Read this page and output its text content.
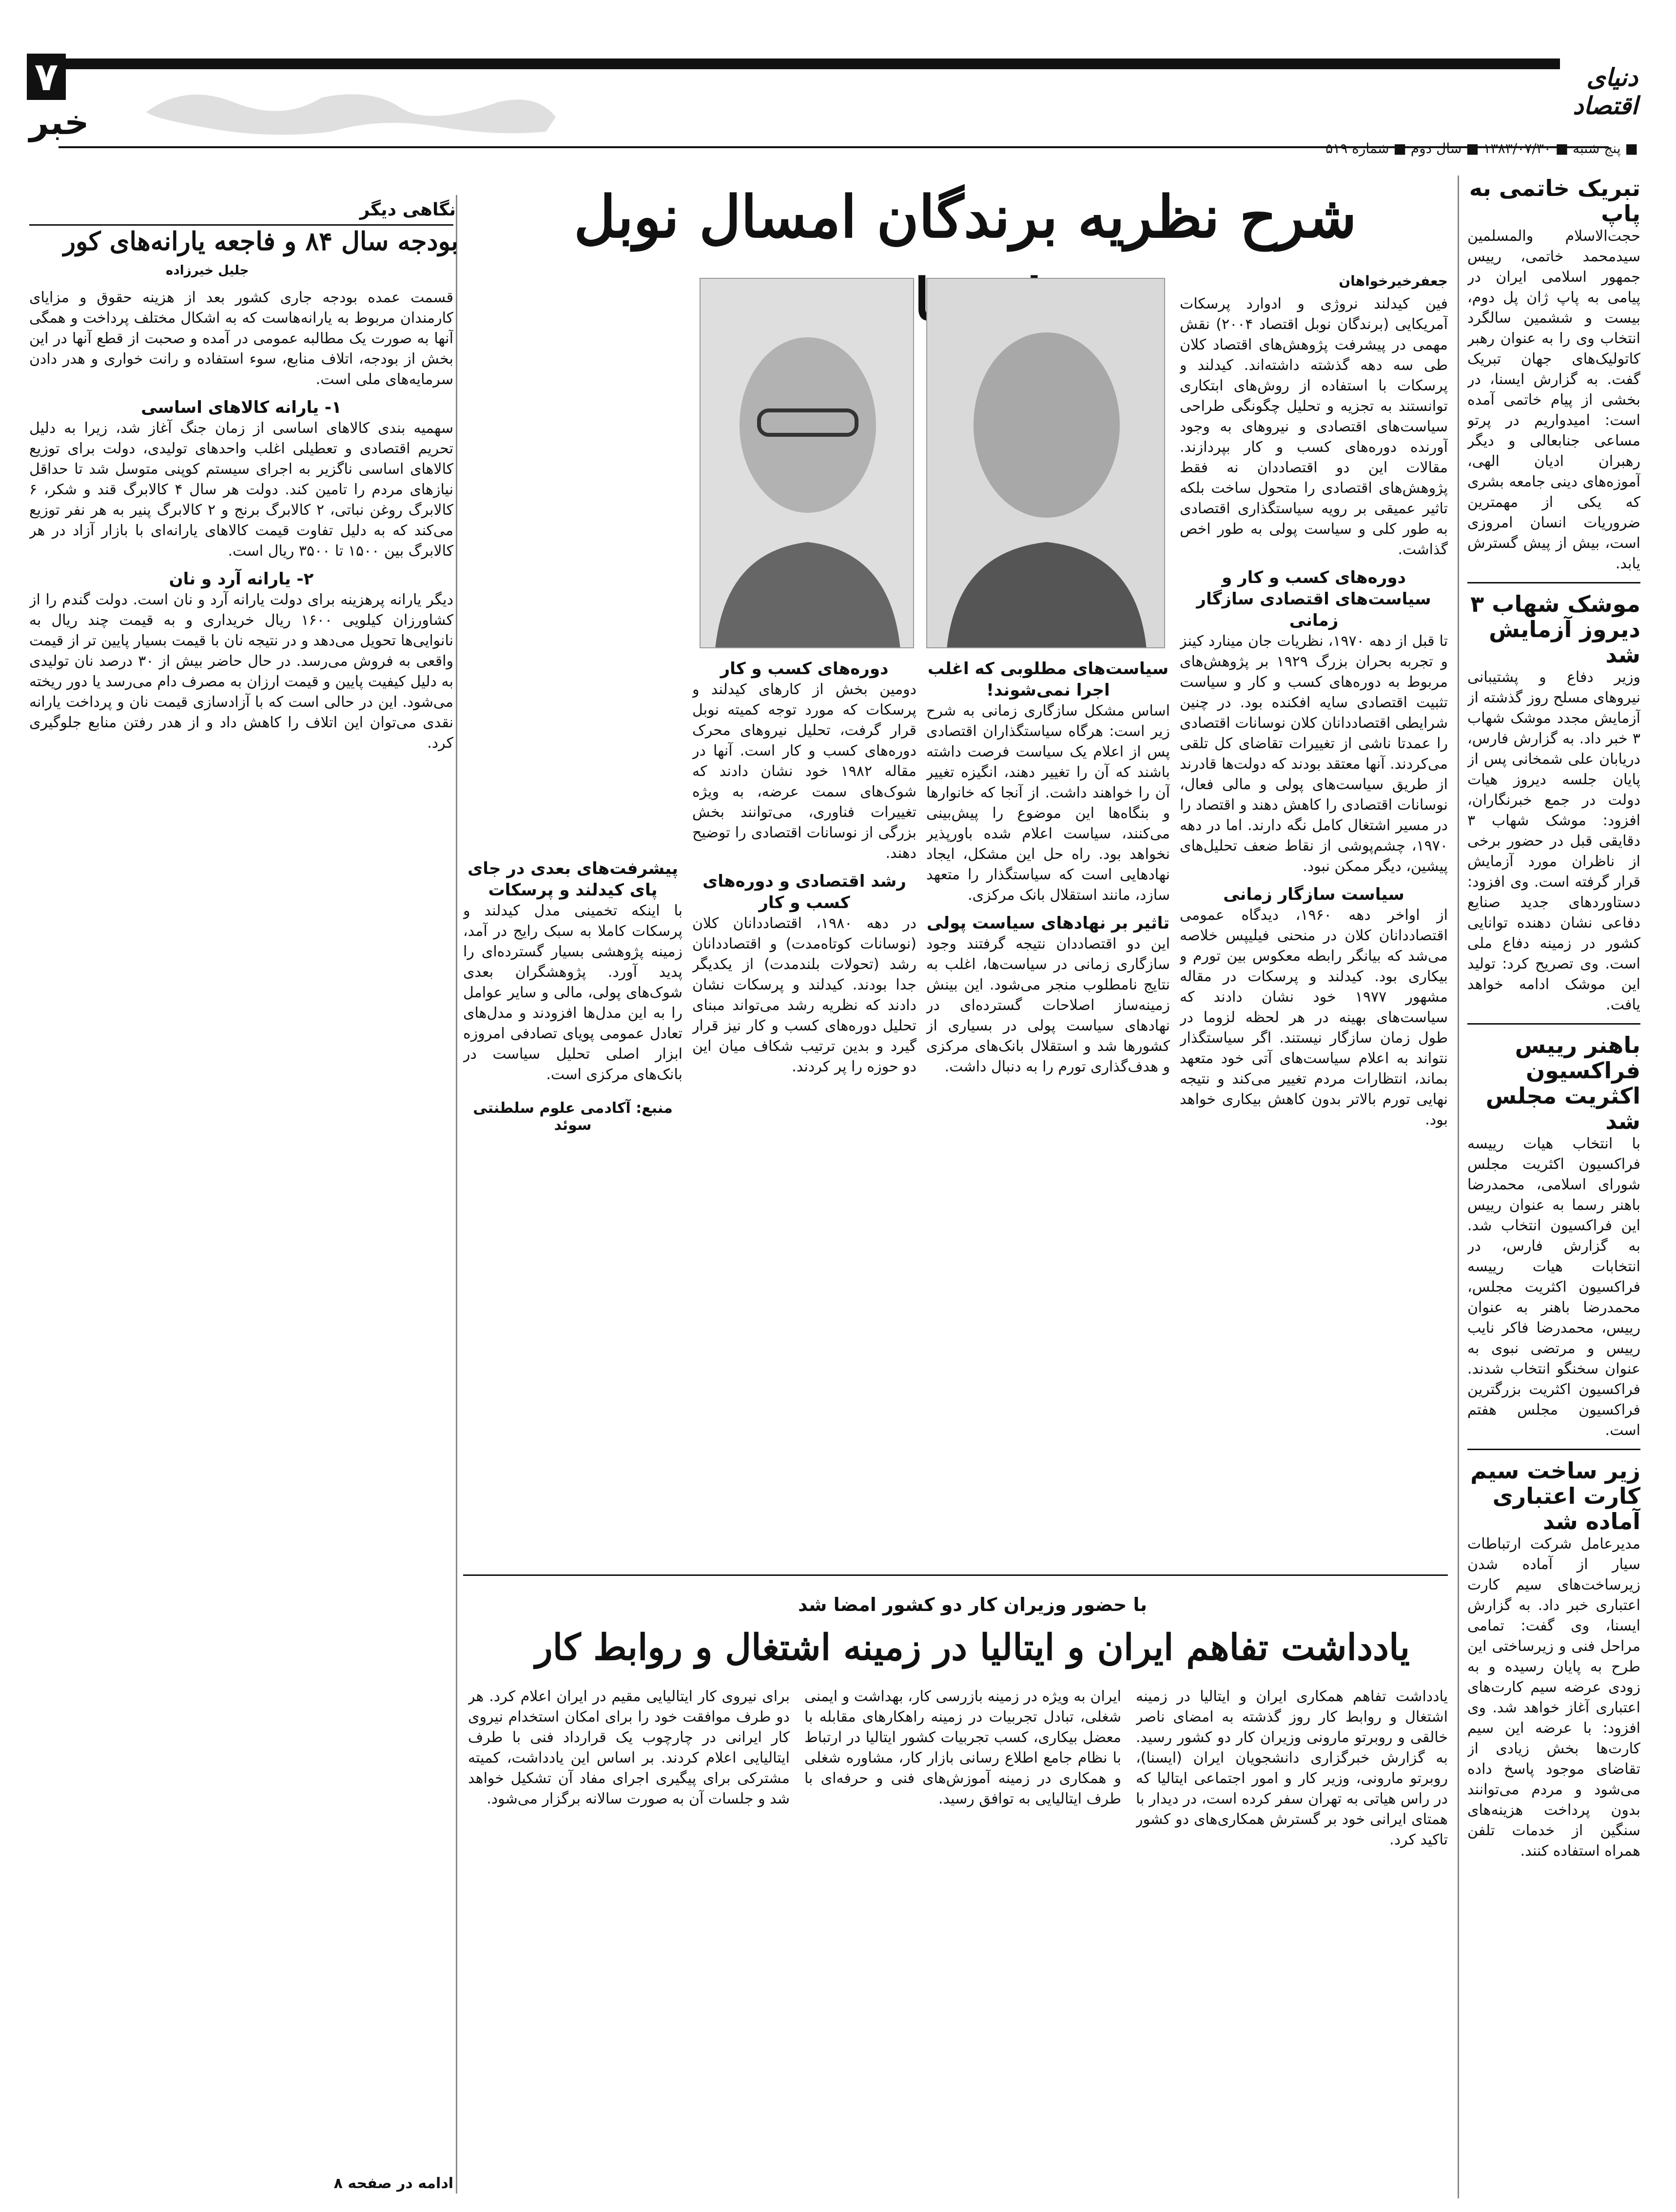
۷
خبر
دنیای اقتصاد
■ پنج شنبه ■ ۱۳۸۳/۰۷/۳۰ ■ سال دوم ■ شماره ۵۱۹
تبریک خاتمی به پاپ
حجت‌الاسلام والمسلمین سیدمحمد خاتمی، رییس جمهور اسلامی ایران در پیامی به پاپ ژان پل دوم، بیست و ششمین سالگرد انتخاب وی را به عنوان رهبر کاتولیک‌های جهان تبریک گفت. به گزارش ایسنا، در بخشی از پیام خاتمی آمده است: امیدواریم در پرتو مساعی جنابعالی و دیگر رهبران ادیان الهی، آموزه‌های دینی جامعه بشری که یکی از مهمترین ضروریات انسان امروزی است، بیش از پیش گسترش یابد.
موشک شهاب ۳ دیروز آزمایش شد
وزیر دفاع و پشتیبانی نیروهای مسلح روز گذشته از آزمایش مجدد موشک شهاب ۳ خبر داد. به گزارش فارس، دریابان علی شمخانی پس از پایان جلسه دیروز هیات دولت در جمع خبرنگاران، افزود: موشک شهاب ۳ دقایقی قبل در حضور برخی از ناظران مورد آزمایش قرار گرفته است. وی افزود: دستاوردهای جدید صنایع دفاعی نشان دهنده توانایی کشور در زمینه دفاع ملی است. وی تصریح کرد: تولید این موشک ادامه خواهد یافت.
باهنر رییس فراکسیون اکثریت مجلس شد
با انتخاب هیات رییسه فراکسیون اکثریت مجلس شورای اسلامی، محمدرضا باهنر رسما به عنوان رییس این فراکسیون انتخاب شد. به گزارش فارس، در انتخابات هیات رییسه فراکسیون اکثریت مجلس، محمدرضا باهنر به عنوان رییس، محمدرضا فاکر نایب رییس و مرتضی نبوی به عنوان سخنگو انتخاب شدند. فراکسیون اکثریت بزرگترین فراکسیون مجلس هفتم است.
زیر ساخت سیم کارت اعتباری آماده شد
مدیرعامل شرکت ارتباطات سیار از آماده شدن زیرساخت‌های سیم کارت اعتباری خبر داد. به گزارش ایسنا، وی گفت: تمامی مراحل فنی و زیرساختی این طرح به پایان رسیده و به زودی عرضه سیم کارت‌های اعتباری آغاز خواهد شد. وی افزود: با عرضه این سیم کارت‌ها بخش زیادی از تقاضای موجود پاسخ داده می‌شود و مردم می‌توانند بدون پرداخت هزینه‌های سنگین از خدمات تلفن همراه استفاده کنند.
شرح نظریه برندگان امسال نوبل
جعفرخیرخواهان
فین کیدلند نروژی و ادوارد پرسکات آمریکایی (برندگان نوبل اقتصاد ۲۰۰۴) نقش مهمی در پیشرفت پژوهش‌های اقتصاد کلان طی سه دهه گذشته داشته‌اند. کیدلند و پرسکات با استفاده از روش‌های ابتکاری توانستند به تجزیه و تحلیل چگونگی طراحی سیاست‌های اقتصادی و نیروهای به وجود آورنده دوره‌های کسب و کار بپردازند. مقالات این دو اقتصاددان نه فقط پژوهش‌های اقتصادی را متحول ساخت بلکه تاثیر عمیقی بر رویه سیاستگذاری اقتصادی به طور کلی و سیاست پولی به طور اخص گذاشت.
دوره‌های کسب و کار و سیاست‌های اقتصادی سازگار زمانی
تا قبل از دهه ۱۹۷۰، نظریات جان مینارد کینز و تجربه بحران بزرگ ۱۹۲۹ بر پژوهش‌های مربوط به دوره‌های کسب و کار و سیاست تثبیت اقتصادی سایه افکنده بود. در چنین شرایطی اقتصاددانان کلان نوسانات اقتصادی را عمدتا ناشی از تغییرات تقاضای کل تلقی می‌کردند. آنها معتقد بودند که دولت‌ها قادرند از طریق سیاست‌های پولی و مالی فعال، نوسانات اقتصادی را کاهش دهند و اقتصاد را در مسیر اشتغال کامل نگه دارند. اما در دهه ۱۹۷۰، چشم‌پوشی از نقاط ضعف تحلیل‌های پیشین، دیگر ممکن نبود.
سیاست سازگار زمانی
از اواخر دهه ۱۹۶۰، دیدگاه عمومی اقتصاددانان کلان در منحنی فیلیپس خلاصه می‌شد که بیانگر رابطه معکوس بین تورم و بیکاری بود. کیدلند و پرسکات در مقاله مشهور ۱۹۷۷ خود نشان دادند که سیاست‌های بهینه در هر لحظه لزوما در طول زمان سازگار نیستند. اگر سیاستگذار نتواند به اعلام سیاست‌های آتی خود متعهد بماند، انتظارات مردم تغییر می‌کند و نتیجه نهایی تورم بالاتر بدون کاهش بیکاری خواهد بود.
سیاست‌های مطلوبی که اغلب اجرا نمی‌شوند!
اساس مشکل سازگاری زمانی به شرح زیر است: هرگاه سیاستگذاران اقتصادی پس از اعلام یک سیاست فرصت داشته باشند که آن را تغییر دهند، انگیزه تغییر آن را خواهند داشت. از آنجا که خانوارها و بنگاه‌ها این موضوع را پیش‌بینی می‌کنند، سیاست اعلام شده باورپذیر نخواهد بود. راه حل این مشکل، ایجاد نهادهایی است که سیاستگذار را متعهد سازد، مانند استقلال بانک مرکزی.
تاثیر بر نهادهای سیاست پولی
این دو اقتصاددان نتیجه گرفتند وجود سازگاری زمانی در سیاست‌ها، اغلب به نتایج نامطلوب منجر می‌شود. این بینش زمینه‌ساز اصلاحات گسترده‌ای در نهادهای سیاست پولی در بسیاری از کشورها شد و استقلال بانک‌های مرکزی و هدف‌گذاری تورم را به دنبال داشت.
دوره‌های کسب و کار
دومین بخش از کارهای کیدلند و پرسکات که مورد توجه کمیته نوبل قرار گرفت، تحلیل نیروهای محرک دوره‌های کسب و کار است. آنها در مقاله ۱۹۸۲ خود نشان دادند که شوک‌های سمت عرضه، به ویژه تغییرات فناوری، می‌توانند بخش بزرگی از نوسانات اقتصادی را توضیح دهند.
رشد اقتصادی و دوره‌های کسب و کار
در دهه ۱۹۸۰، اقتصاددانان کلان (نوسانات کوتاه‌مدت) و اقتصاددانان رشد (تحولات بلندمدت) از یکدیگر جدا بودند. کیدلند و پرسکات نشان دادند که نظریه رشد می‌تواند مبنای تحلیل دوره‌های کسب و کار نیز قرار گیرد و بدین ترتیب شکاف میان این دو حوزه را پر کردند.
پیشرفت‌های بعدی در جای پای کیدلند و پرسکات
با اینکه تخمینی مدل کیدلند و پرسکات کاملا به سبک رایج در آمد، زمینه پژوهشی بسیار گسترده‌ای را پدید آورد. پژوهشگران بعدی شوک‌های پولی، مالی و سایر عوامل را به این مدل‌ها افزودند و مدل‌های تعادل عمومی پویای تصادفی امروزه ابزار اصلی تحلیل سیاست در بانک‌های مرکزی است.
منبع: آکادمی علوم سلطنتی سوئد
با حضور وزیران کار دو کشور امضا شد
یادداشت تفاهم ایران و ایتالیا در زمینه اشتغال و روابط کار
یادداشت تفاهم همکاری ایران و ایتالیا در زمینه اشتغال و روابط کار روز گذشته به امضای ناصر خالقی و روبرتو مارونی وزیران کار دو کشور رسید. به گزارش خبرگزاری دانشجویان ایران (ایسنا)، روبرتو مارونی، وزیر کار و امور اجتماعی ایتالیا که در راس هیاتی به تهران سفر کرده است، در دیدار با همتای ایرانی خود بر گسترش همکاری‌های دو کشور تاکید کرد.
ایران به ویژه در زمینه بازرسی کار، بهداشت و ایمنی شغلی، تبادل تجربیات در زمینه راهکارهای مقابله با معضل بیکاری، کسب تجربیات کشور ایتالیا در ارتباط با نظام جامع اطلاع رسانی بازار کار، مشاوره شغلی و همکاری در زمینه آموزش‌های فنی و حرفه‌ای با طرف ایتالیایی به توافق رسید.
برای نیروی کار ایتالیایی مقیم در ایران اعلام کرد. هر دو طرف موافقت خود را برای امکان استخدام نیروی کار ایرانی در چارچوب یک قرارداد فنی با طرف ایتالیایی اعلام کردند. بر اساس این یادداشت، کمیته مشترکی برای پیگیری اجرای مفاد آن تشکیل خواهد شد و جلسات آن به صورت سالانه برگزار می‌شود.
نگاهی دیگر
بودجه سال ۸۴ و فاجعه یارانه‌های کور
جلیل خیرزاده
قسمت عمده بودجه جاری کشور بعد از هزینه حقوق و مزایای کارمندان مربوط به یارانه‌هاست که به اشکال مختلف پرداخت و همگی آنها به صورت یک مطالبه عمومی در آمده و صحبت از قطع آنها در این بخش از بودجه، اتلاف منابع، سوء استفاده و رانت خواری و هدر دادن سرمایه‌های ملی است.
۱- یارانه کالاهای اساسی
سهمیه بندی کالاهای اساسی از زمان جنگ آغاز شد، زیرا به دلیل تحریم اقتصادی و تعطیلی اغلب واحدهای تولیدی، دولت برای توزیع کالاهای اساسی ناگزیر به اجرای سیستم کوپنی متوسل شد تا حداقل نیازهای مردم را تامین کند. دولت هر سال ۴ کالابرگ قند و شکر، ۶ کالابرگ روغن نباتی، ۲ کالابرگ برنج و ۲ کالابرگ پنیر به هر نفر توزیع می‌کند که به دلیل تفاوت قیمت کالاهای یارانه‌ای با بازار آزاد در هر کالابرگ بین ۱۵۰۰ تا ۳۵۰۰ ریال است.
۲- یارانه آرد و نان
دیگر یارانه پرهزینه برای دولت یارانه آرد و نان است. دولت گندم را از کشاورزان کیلویی ۱۶۰۰ ریال خریداری و به قیمت چند ریال به نانوایی‌ها تحویل می‌دهد و در نتیجه نان با قیمت بسیار پایین تر از قیمت واقعی به فروش می‌رسد. در حال حاضر بیش از ۳۰ درصد نان تولیدی به دلیل کیفیت پایین و قیمت ارزان به مصرف دام می‌رسد یا دور ریخته می‌شود. این در حالی است که با آزادسازی قیمت نان و پرداخت یارانه نقدی می‌توان این اتلاف را کاهش داد و از هدر رفتن منابع جلوگیری کرد.
ادامه در صفحه ۸
